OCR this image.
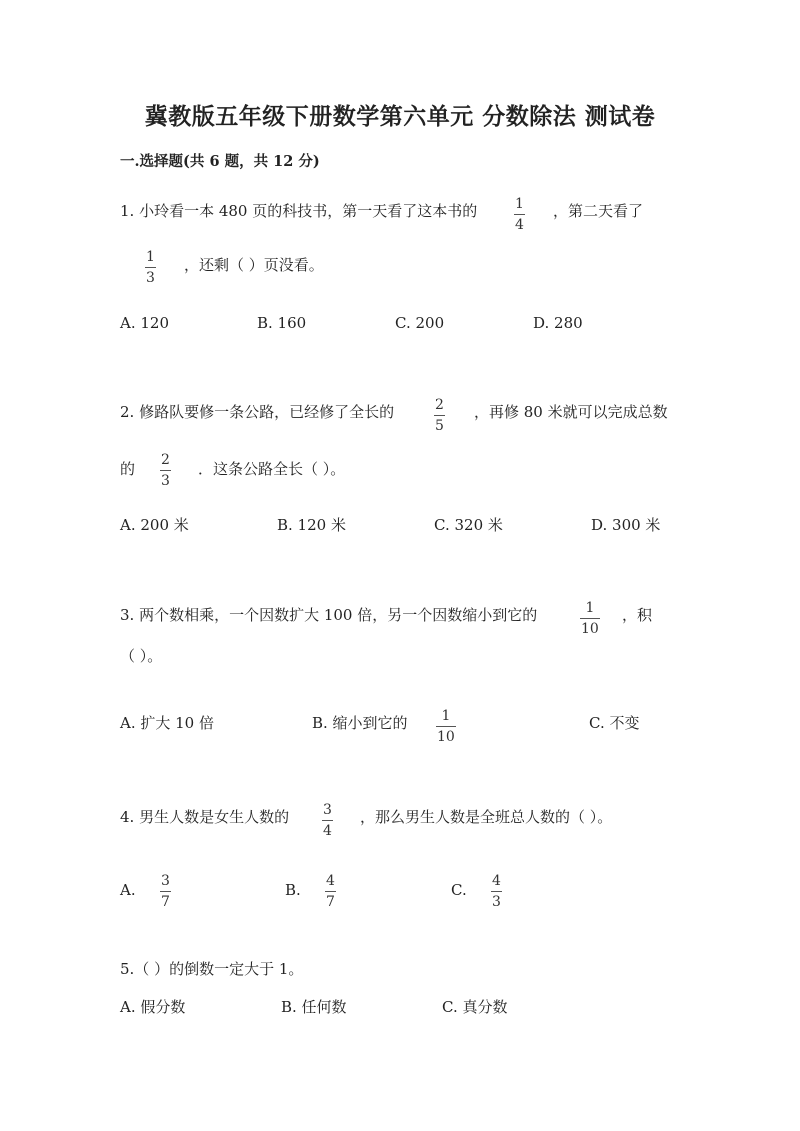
冀教版五年级下册数学第六单元 分数除法 测试卷
一.选择题(共 6 题，共 12 分)
1. 小玲看一本 480 页的科技书，第一天看了这本书的	1
4
，第二天看了
1
3
，还剩（ ）页没看。
A. 120	B. 160	C. 200	D. 280
2. 修路队要修一条公路，已经修了全长的	2
5
，再修 80 米就可以完成总数
的 2
3
．这条公路全长（ ）。
A. 200 米	B. 120 米	C. 320 米	D. 300 米
3. 两个数相乘，一个因数扩大 100 倍，另一个因数缩小到它的	1
10
，积
（ ）。
A. 扩大 10 倍	B. 缩小到它的 1
10
C. 不变
4. 男生人数是女生人数的 3
4
，那么男生人数是全班总人数的（ ）。
A. 3
7
B. 4
7
C. 4
3
5.（ ）的倒数一定大于 1。
A. 假分数	B. 任何数	C. 真分数
